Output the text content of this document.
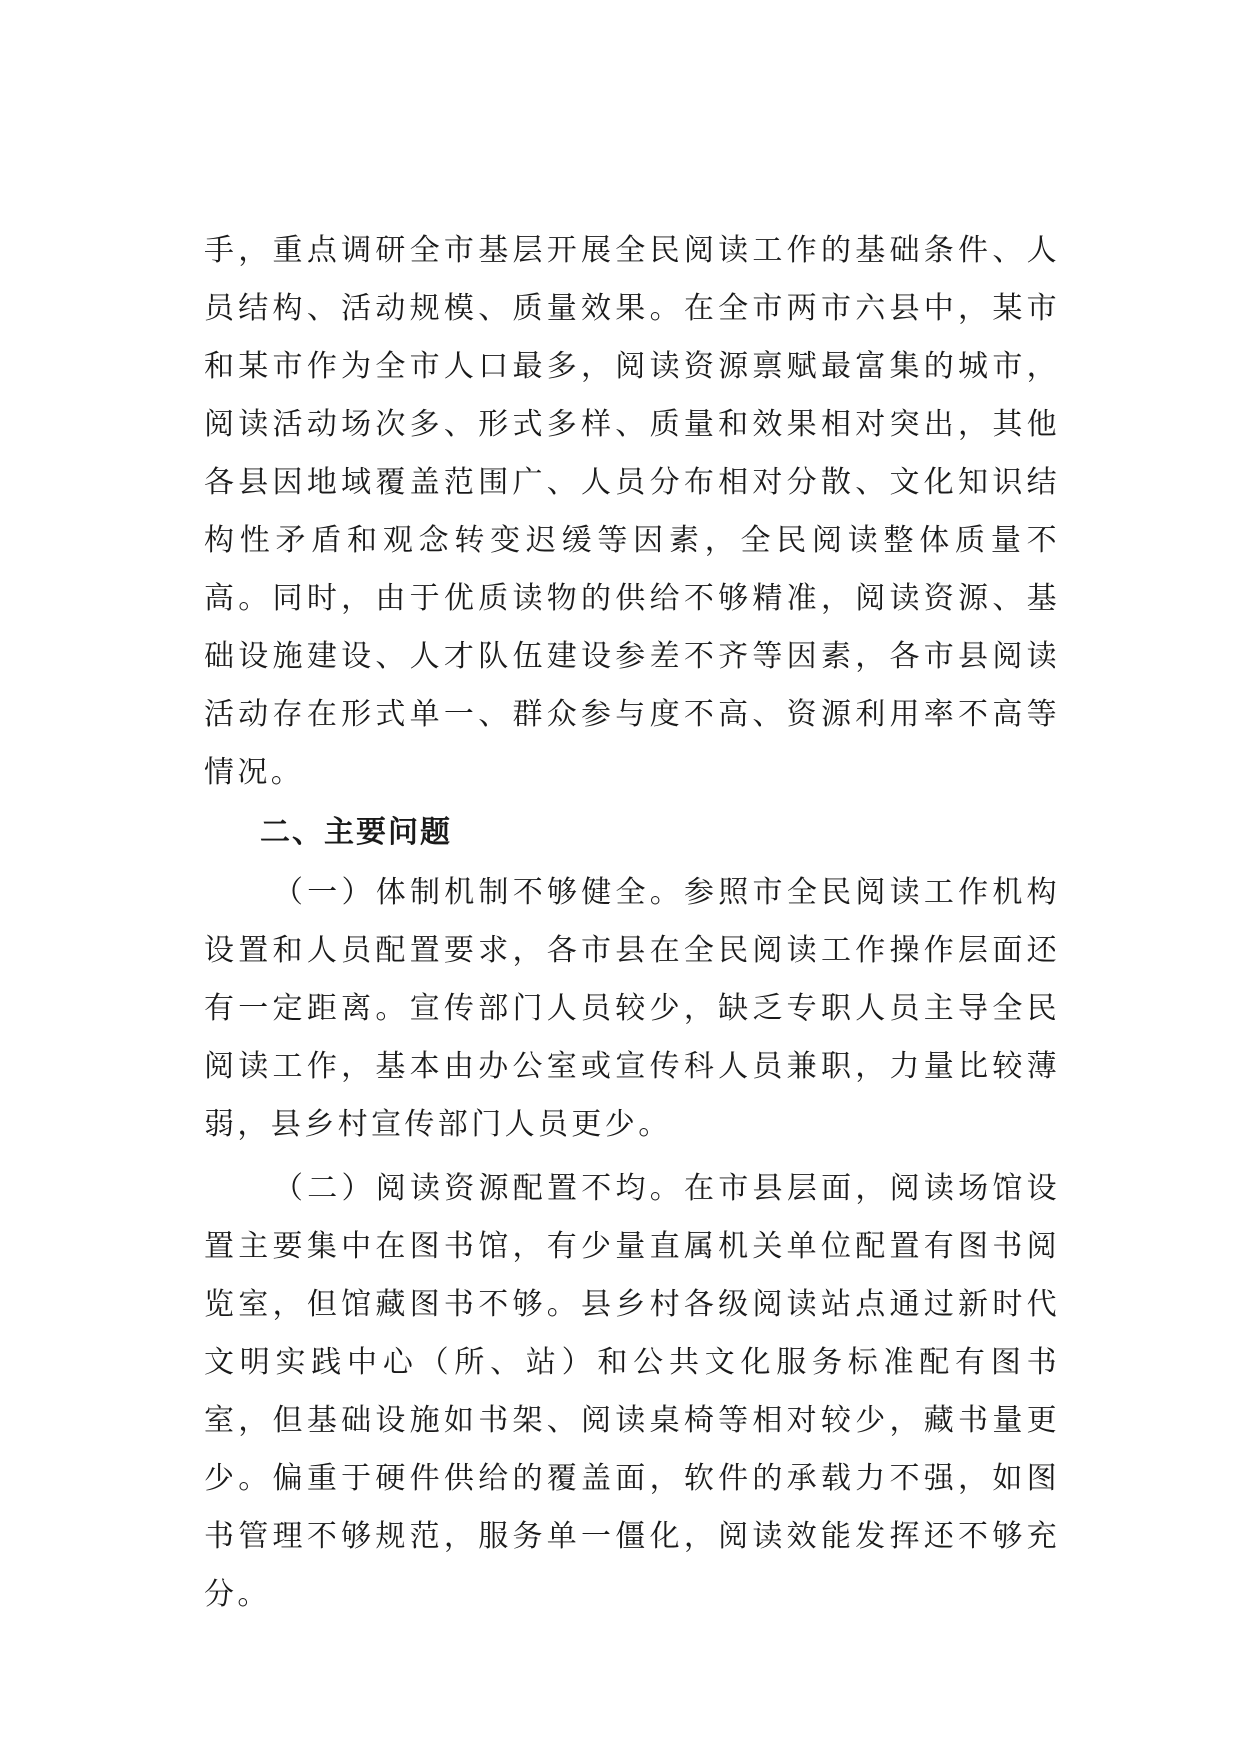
手，重点调研全市基层开展全民阅读工作的基础条件、人员结构、活动规模、质量效果。在全市两市六县中，某市和某市作为全市人口最多，阅读资源禀赋最富集的城市，阅读活动场次多、形式多样、质量和效果相对突出，其他各县因地域覆盖范围广、人员分布相对分散、文化知识结构性矛盾和观念转变迟缓等因素，全民阅读整体质量不高。同时，由于优质读物的供给不够精准，阅读资源、基础设施建设、人才队伍建设参差不齐等因素，各市县阅读活动存在形式单一、群众参与度不高、资源利用率不高等情况。

二、主要问题

（一）体制机制不够健全。参照市全民阅读工作机构设置和人员配置要求，各市县在全民阅读工作操作层面还有一定距离。宣传部门人员较少，缺乏专职人员主导全民阅读工作，基本由办公室或宣传科人员兼职，力量比较薄弱，县乡村宣传部门人员更少。

（二）阅读资源配置不均。在市县层面，阅读场馆设置主要集中在图书馆，有少量直属机关单位配置有图书阅览室，但馆藏图书不够。县乡村各级阅读站点通过新时代文明实践中心（所、站）和公共文化服务标准配有图书室，但基础设施如书架、阅读桌椅等相对较少，藏书量更少。偏重于硬件供给的覆盖面，软件的承载力不强，如图书管理不够规范，服务单一僵化，阅读效能发挥还不够充分。
